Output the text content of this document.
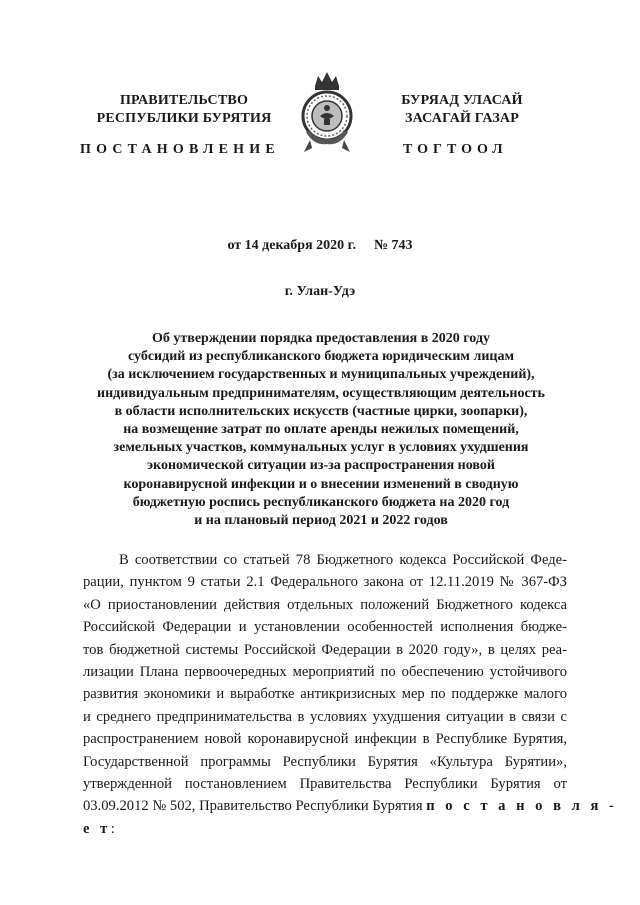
ПРАВИТЕЛЬСТВО
РЕСПУБЛИКИ БУРЯТИЯ
БУРЯАД УЛАСАЙ
ЗАСАГАЙ ГАЗАР
ПОСТАНОВЛЕНИЕ	ТОГТООЛ
от 14 декабря 2020 г. № 743
г. Улан-Удэ
Об утверждении порядка предоставления в 2020 году
субсидий из республиканского бюджета юридическим лицам
(за исключением государственных и муниципальных учреждений),
индивидуальным предпринимателям, осуществляющим деятельность
в области исполнительских искусств (частные цирки, зоопарки),
на возмещение затрат по оплате аренды нежилых помещений,
земельных участков, коммунальных услуг в условиях ухудшения
экономической ситуации из-за распространения новой
коронавирусной инфекции и о внесении изменений в сводную
бюджетную роспись республиканского бюджета на 2020 год
и на плановый период 2021 и 2022 годов
В соответствии со статьей 78 Бюджетного кодекса Российской Феде-
рации, пунктом 9 статьи 2.1 Федерального закона от 12.11.2019 № 367-ФЗ
«О приостановлении действия отдельных положений Бюджетного кодекса
Российской Федерации и установлении особенностей исполнения бюдже-
тов бюджетной системы Российской Федерации в 2020 году», в целях реа-
лизации Плана первоочередных мероприятий по обеспечению устойчивого
развития экономики и выработке антикризисных мер по поддержке малого
и среднего предпринимательства в условиях ухудшения ситуации в связи с
распространением новой коронавирусной инфекции в Республике Бурятия,
Государственной программы Республики Бурятия «Культура Бурятии»,
утвержденной постановлением Правительства Республики Бурятия от
03.09.2012 № 502, Правительство Республики Бурятия п о с т а н о в л я -
е т:
